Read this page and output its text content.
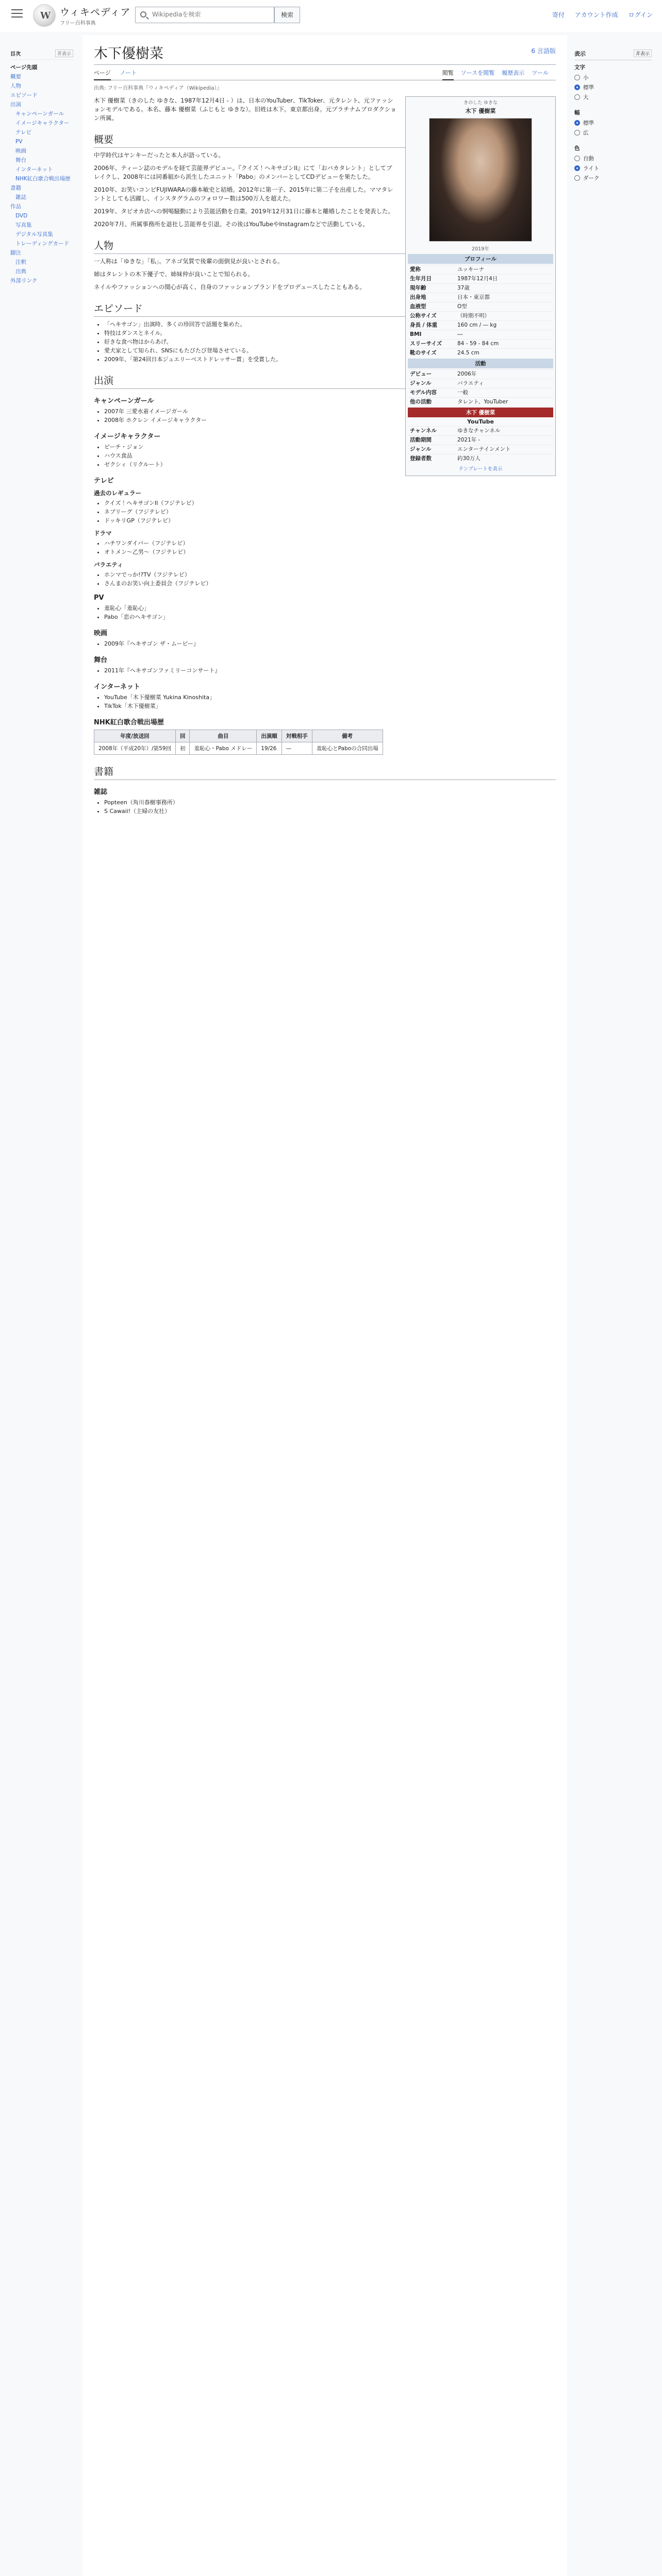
W ウィキペディア
フリー百科事典
Wikipediaを検索
検索	寄付 アカウント作成 ログイン
目次	非表示
ページ先頭
概要
人物
エピソード
出演
キャンペーンガール
イメージキャラクター
テレビ
PV
映画
舞台
インターネット
NHK紅白歌合戦出場歴
書籍
雑誌
作品
DVD
写真集
デジタル写真集
トレーディングカード
脚注
注釈
出典
外部リンク
木下優樹菜	6 言語版
ページ ノート	ツール
履歴表示
ソースを閲覧
閲覧
出典: フリー百科事典『ウィキペディア（Wikipedia）』
きのした ゆきな
木下 優樹菜
2019年
プロフィール
愛称	ユッキーナ
生年月日	1987年12月4日
現年齢	37歳
出身地	日本・東京都
血液型	O型
公称サイズ	（時期不明）
身長 / 体重	160 cm / ― kg
BMI	―
スリーサイズ	84 - 59 - 84 cm
靴のサイズ	24.5 cm
活動
デビュー	2006年
ジャンル	バラエティ
モデル内容	一般
他の活動	タレント、YouTuber
木下 優樹菜
YouTube
チャンネル	ゆきなチャンネル
活動期間	2021年 -
ジャンル	エンターテインメント
登録者数	約30万人
テンプレートを表示

木下 優樹菜（きのした ゆきな、1987年12月4日 - ）は、日本のYouTuber、TikToker、元タレント、元ファッションモデルである。本名、藤本 優樹菜（ふじもと ゆきな）。旧姓は木下。東京都出身。元プラチナムプロダクション所属。

概要

中学時代はヤンキーだったと本人が語っている。

2006年、ティーン誌のモデルを経て芸能界デビュー。『クイズ！ヘキサゴンII』にて「おバカタレント」としてブレイクし、2008年には同番組から派生したユニット「Pabo」のメンバーとしてCDデビューを果たした。

2010年、お笑いコンビFUJIWARAの藤本敏史と結婚。2012年に第一子、2015年に第二子を出産した。ママタレントとしても活躍し、インスタグラムのフォロワー数は500万人を超えた。

2019年、タピオカ店への恫喝騒動により芸能活動を自粛。2019年12月31日に藤本と離婚したことを発表した。

2020年7月、所属事務所を退社し芸能界を引退。その後はYouTubeやInstagramなどで活動している。

人物

一人称は「ゆきな」「私」。アネゴ気質で後輩の面倒見が良いとされる。

姉はタレントの木下優子で、姉妹仲が良いことで知られる。

ネイルやファッションへの関心が高く、自身のファッションブランドをプロデュースしたこともある。

エピソード
• 「ヘキサゴン」出演時、多くの珍回答で話題を集めた。
• 特技はダンスとネイル。
• 好きな食べ物はからあげ。
• 愛犬家として知られ、SNSにもたびたび登場させている。
• 2009年、「第24回日本ジュエリーベストドレッサー賞」を受賞した。
出演
キャンペーンガール
• 2007年 三愛水着イメージガール
• 2008年 ホクレン イメージキャラクター
イメージキャラクター
• ピーチ・ジョン
• ハウス食品
• ゼクシィ（リクルート）
テレビ
過去のレギュラー
• クイズ！ヘキサゴンII（フジテレビ）
• ネプリーグ（フジテレビ）
• ドッキリGP（フジテレビ）
ドラマ
• ハチワンダイバー（フジテレビ）
• オトメン〜乙男〜（フジテレビ）
バラエティ
• ホンマでっか!?TV（フジテレビ）
• さんまのお笑い向上委員会（フジテレビ）
PV
• 羞恥心「羞恥心」
• Pabo「恋のヘキサゴン」
映画
• 2009年『ヘキサゴン ザ・ムービー』
舞台
• 2011年『ヘキサゴンファミリーコンサート』
インターネット
• YouTube「木下優樹菜 Yukina Kinoshita」
• TikTok「木下優樹菜」
NHK紅白歌合戦出場歴
年度/放送回	回	曲目	出演順	対戦相手	備考
2008年（平成20年）/第59回	初	羞恥心・Pabo メドレー	19/26	—	羞恥心とPaboの合同出場
書籍
雑誌
• Popteen（角川春樹事務所）
• S Cawaii!（主婦の友社）
表示	非表示
文字
小
標準
大
幅
標準
広
色
自動
ライト
ダーク
